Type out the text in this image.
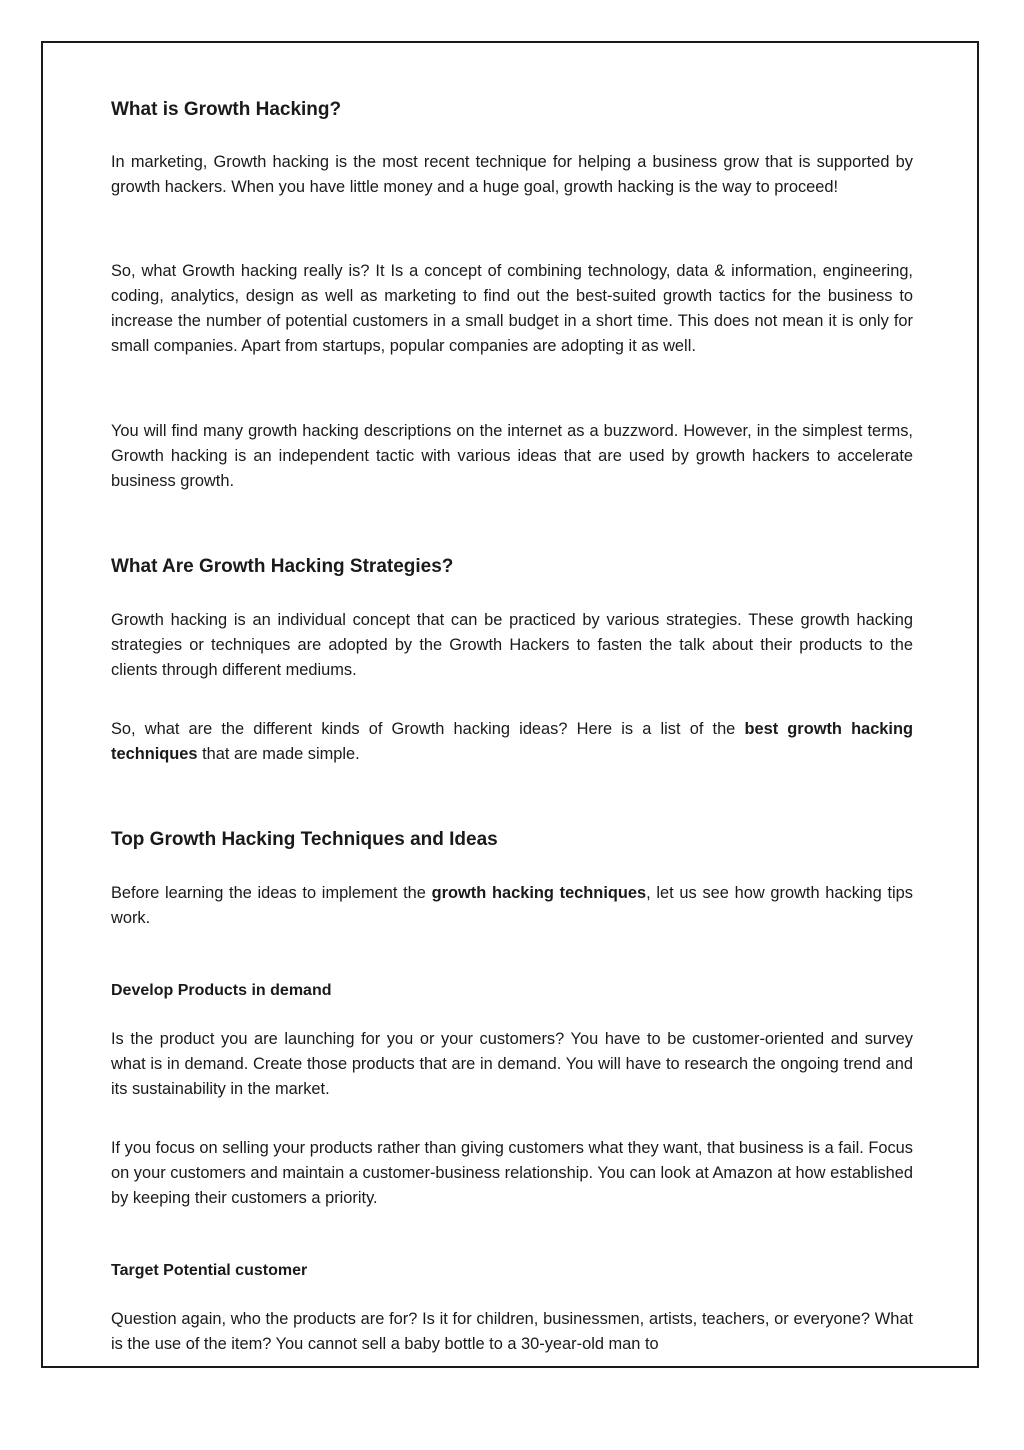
What is Growth Hacking?

In marketing, Growth hacking is the most recent technique for helping a business grow that is supported by growth hackers. When you have little money and a huge goal, growth hacking is the way to proceed!

So, what Growth hacking really is? It Is a concept of combining technology, data & information, engineering, coding, analytics, design as well as marketing to find out the best-suited growth tactics for the business to increase the number of potential customers in a small budget in a short time. This does not mean it is only for small companies. Apart from startups, popular companies are adopting it as well.

You will find many growth hacking descriptions on the internet as a buzzword. However, in the simplest terms, Growth hacking is an independent tactic with various ideas that are used by growth hackers to accelerate business growth.

What Are Growth Hacking Strategies?

Growth hacking is an individual concept that can be practiced by various strategies. These growth hacking strategies or techniques are adopted by the Growth Hackers to fasten the talk about their products to the clients through different mediums.

So, what are the different kinds of Growth hacking ideas? Here is a list of the best growth hacking techniques that are made simple.

Top Growth Hacking Techniques and Ideas

Before learning the ideas to implement the growth hacking techniques, let us see how growth hacking tips work.

Develop Products in demand

Is the product you are launching for you or your customers? You have to be customer-oriented and survey what is in demand. Create those products that are in demand. You will have to research the ongoing trend and its sustainability in the market.

If you focus on selling your products rather than giving customers what they want, that business is a fail. Focus on your customers and maintain a customer-business relationship. You can look at Amazon at how established by keeping their customers a priority.

Target Potential customer

Question again, who the products are for? Is it for children, businessmen, artists, teachers, or everyone? What is the use of the item? You cannot sell a baby bottle to a 30-year-old man to
